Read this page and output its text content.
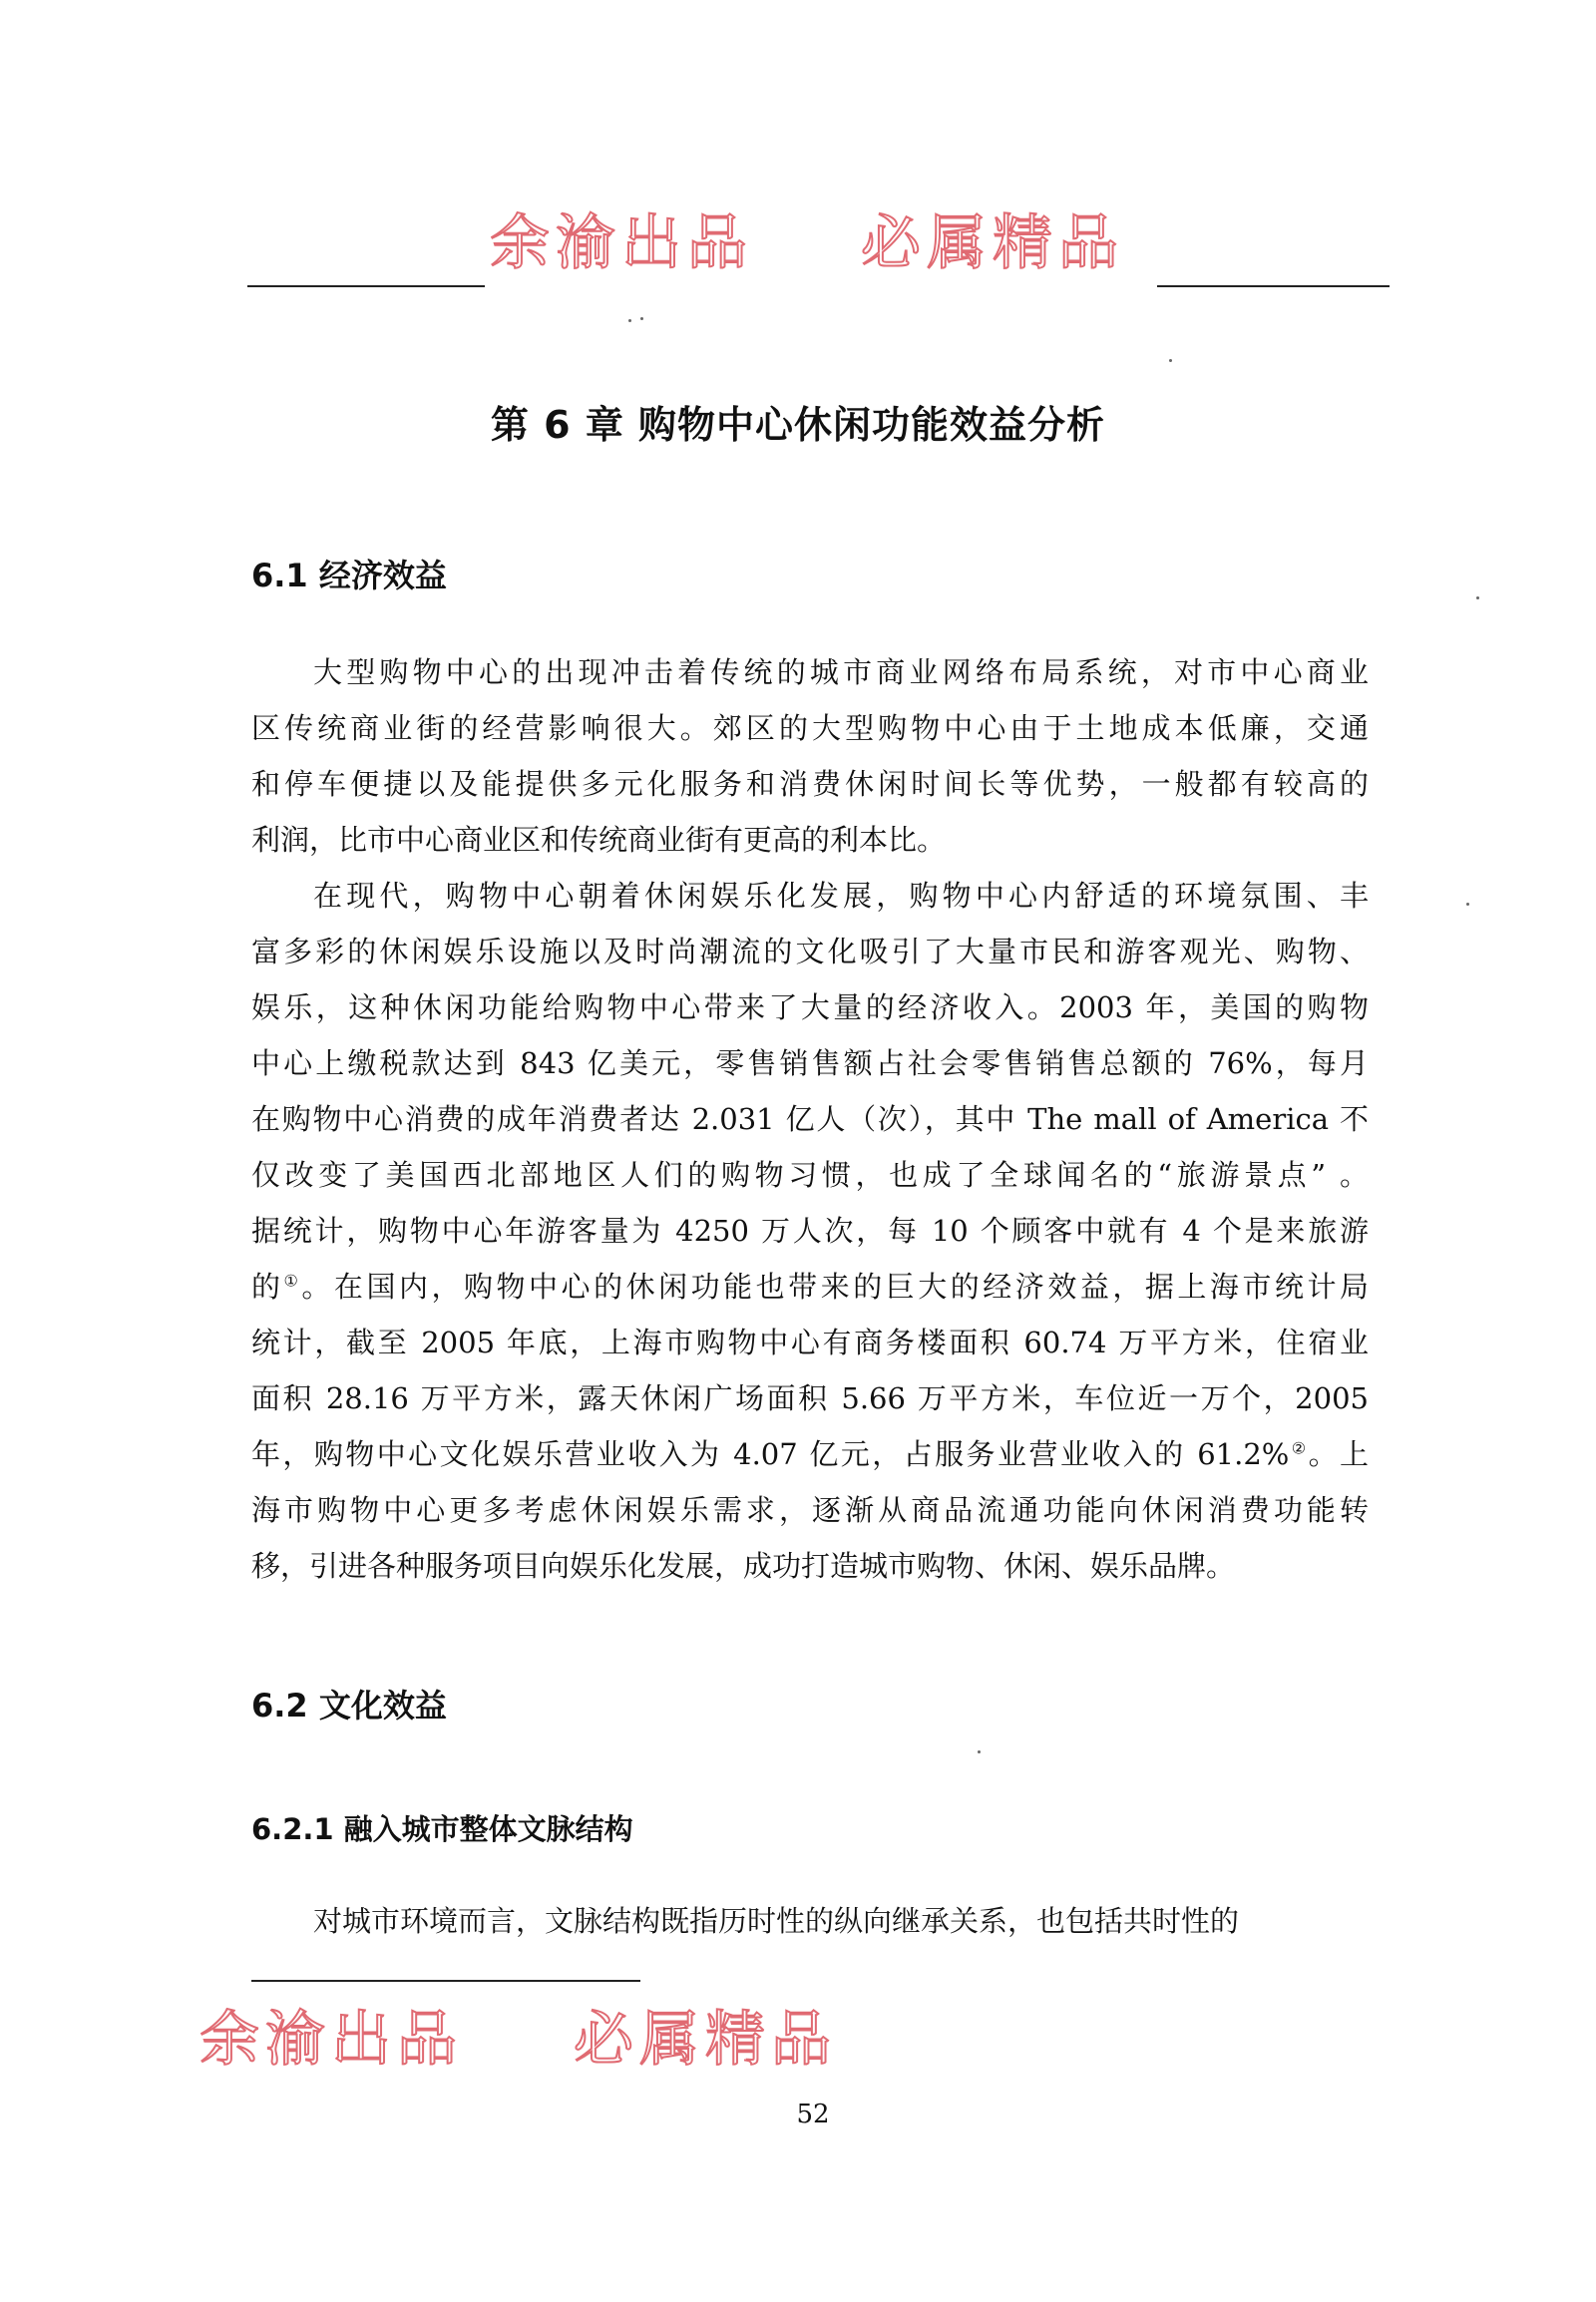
余渝出品 必属精品
第 6 章 购物中心休闲功能效益分析
6.1 经济效益
大型购物中心的出现冲击着传统的城市商业网络布局系统，对市中心商业
区传统商业街的经营影响很大。郊区的大型购物中心由于土地成本低廉，交通
和停车便捷以及能提供多元化服务和消费休闲时间长等优势，一般都有较高的
利润，比市中心商业区和传统商业街有更高的利本比。
在现代，购物中心朝着休闲娱乐化发展，购物中心内舒适的环境氛围、丰
富多彩的休闲娱乐设施以及时尚潮流的文化吸引了大量市民和游客观光、购物、
娱乐，这种休闲功能给购物中心带来了大量的经济收入。2003 年，美国的购物
中心上缴税款达到 843 亿美元，零售销售额占社会零售销售总额的 76%，每月
在购物中心消费的成年消费者达 2.031 亿人（次），其中 The mall of America 不
仅改变了美国西北部地区人们的购物习惯，也成了全球闻名的“旅游景点” 。
据统计，购物中心年游客量为 4250 万人次，每 10 个顾客中就有 4 个是来旅游
的①。在国内，购物中心的休闲功能也带来的巨大的经济效益，据上海市统计局
统计，截至 2005 年底，上海市购物中心有商务楼面积 60.74 万平方米，住宿业
面积 28.16 万平方米，露天休闲广场面积 5.66 万平方米，车位近一万个，2005
年，购物中心文化娱乐营业收入为 4.07 亿元，占服务业营业收入的 61.2%②。上
海市购物中心更多考虑休闲娱乐需求，逐渐从商品流通功能向休闲消费功能转
移，引进各种服务项目向娱乐化发展，成功打造城市购物、休闲、娱乐品牌。
6.2 文化效益
6.2.1 融入城市整体文脉结构
对城市环境而言，文脉结构既指历时性的纵向继承关系，也包括共时性的
余渝出品 必属精品
52
